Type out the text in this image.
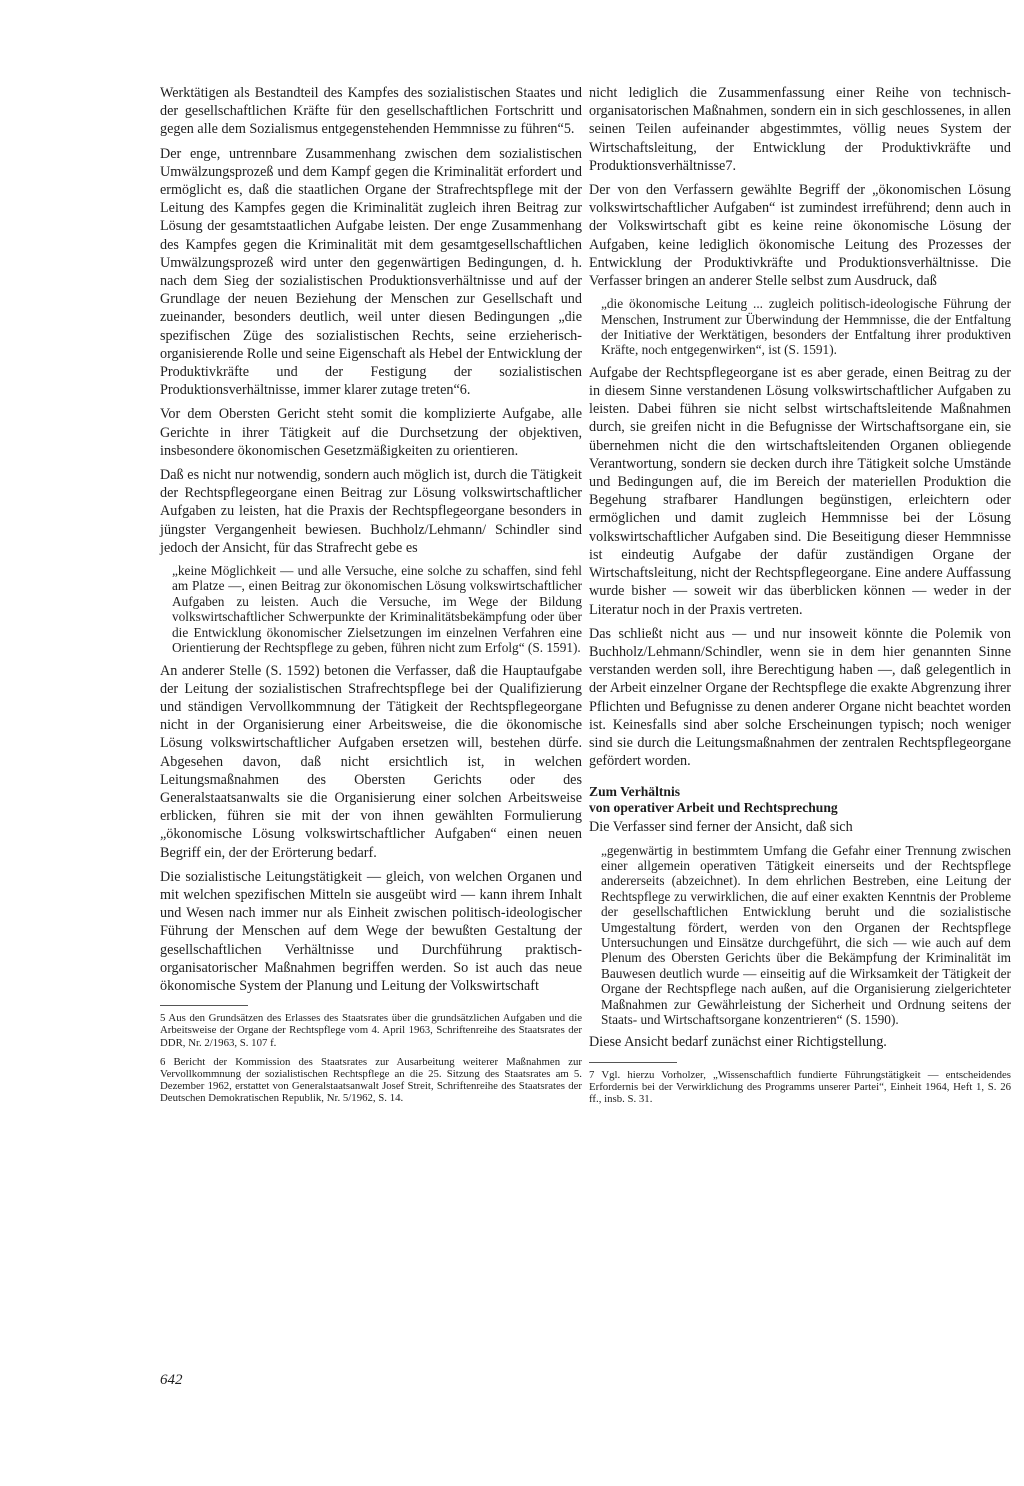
Werktätigen als Bestandteil des Kampfes des sozialistischen Staates und der gesellschaftlichen Kräfte für den gesellschaftlichen Fortschritt und gegen alle dem Sozialismus entgegenstehenden Hemmnisse zu führen“5.

Der enge, untrennbare Zusammenhang zwischen dem sozialistischen Umwälzungsprozeß und dem Kampf gegen die Kriminalität erfordert und ermöglicht es, daß die staatlichen Organe der Strafrechtspflege mit der Leitung des Kampfes gegen die Kriminalität zugleich ihren Beitrag zur Lösung der gesamtstaatlichen Aufgabe leisten. Der enge Zusammenhang des Kampfes gegen die Kriminalität mit dem gesamtgesellschaftlichen Umwälzungsprozeß wird unter den gegenwärtigen Bedingungen, d. h. nach dem Sieg der sozialistischen Produktionsverhältnisse und auf der Grundlage der neuen Beziehung der Menschen zur Gesellschaft und zueinander, besonders deutlich, weil unter diesen Bedingungen „die spezifischen Züge des sozialistischen Rechts, seine erzieherisch-organisierende Rolle und seine Eigenschaft als Hebel der Entwicklung der Produktivkräfte und der Festigung der sozialistischen Produktionsverhältnisse, immer klarer zutage treten“6.

Vor dem Obersten Gericht steht somit die komplizierte Aufgabe, alle Gerichte in ihrer Tätigkeit auf die Durchsetzung der objektiven, insbesondere ökonomischen Gesetzmäßigkeiten zu orientieren.

Daß es nicht nur notwendig, sondern auch möglich ist, durch die Tätigkeit der Rechtspflegeorgane einen Beitrag zur Lösung volkswirtschaftlicher Aufgaben zu leisten, hat die Praxis der Rechtspflegeorgane besonders in jüngster Vergangenheit bewiesen. Buchholz/Lehmann/ Schindler sind jedoch der Ansicht, für das Strafrecht gebe es

„keine Möglichkeit — und alle Versuche, eine solche zu schaffen, sind fehl am Platze —, einen Beitrag zur ökonomischen Lösung volkswirtschaftlicher Aufgaben zu leisten. Auch die Versuche, im Wege der Bildung volkswirtschaftlicher Schwerpunkte der Kriminalitätsbekämpfung oder über die Entwicklung ökonomischer Zielsetzungen im einzelnen Verfahren eine Orientierung der Rechtspflege zu geben, führen nicht zum Erfolg“ (S. 1591).

An anderer Stelle (S. 1592) betonen die Verfasser, daß die Hauptaufgabe der Leitung der sozialistischen Strafrechtspflege bei der Qualifizierung und ständigen Vervollkommnung der Tätigkeit der Rechtspflegeorgane nicht in der Organisierung einer Arbeitsweise, die die ökonomische Lösung volkswirtschaftlicher Aufgaben ersetzen will, bestehen dürfe. Abgesehen davon, daß nicht ersichtlich ist, in welchen Leitungsmaßnahmen des Obersten Gerichts oder des Generalstaatsanwalts sie die Organisierung einer solchen Arbeitsweise erblicken, führen sie mit der von ihnen gewählten Formulierung „ökonomische Lösung volkswirtschaftlicher Aufgaben“ einen neuen Begriff ein, der der Erörterung bedarf.

Die sozialistische Leitungstätigkeit — gleich, von welchen Organen und mit welchen spezifischen Mitteln sie ausgeübt wird — kann ihrem Inhalt und Wesen nach immer nur als Einheit zwischen politisch-ideologischer Führung der Menschen auf dem Wege der bewußten Gestaltung der gesellschaftlichen Verhältnisse und Durchführung praktisch-organisatorischer Maßnahmen begriffen werden. So ist auch das neue ökonomische System der Planung und Leitung der Volkswirtschaft

5 Aus den Grundsätzen des Erlasses des Staatsrates über die grundsätzlichen Aufgaben und die Arbeitsweise der Organe der Rechtspflege vom 4. April 1963, Schriftenreihe des Staatsrates der DDR, Nr. 2/1963, S. 107 f.

6 Bericht der Kommission des Staatsrates zur Ausarbeitung weiterer Maßnahmen zur Vervollkommnung der sozialistischen Rechtspflege an die 25. Sitzung des Staatsrates am 5. Dezember 1962, erstattet von Generalstaatsanwalt Josef Streit, Schriftenreihe des Staatsrates der Deutschen Demokratischen Republik, Nr. 5/1962, S. 14.

nicht lediglich die Zusammenfassung einer Reihe von technisch-organisatorischen Maßnahmen, sondern ein in sich geschlossenes, in allen seinen Teilen aufeinander abgestimmtes, völlig neues System der Wirtschaftsleitung, der Entwicklung der Produktivkräfte und Produktionsverhältnisse7.

Der von den Verfassern gewählte Begriff der „ökonomischen Lösung volkswirtschaftlicher Aufgaben“ ist zumindest irreführend; denn auch in der Volkswirtschaft gibt es keine reine ökonomische Lösung der Aufgaben, keine lediglich ökonomische Leitung des Prozesses der Entwicklung der Produktivkräfte und Produktionsverhältnisse. Die Verfasser bringen an anderer Stelle selbst zum Ausdruck, daß

„die ökonomische Leitung ... zugleich politisch-ideologische Führung der Menschen, Instrument zur Überwindung der Hemmnisse, die der Entfaltung der Initiative der Werktätigen, besonders der Entfaltung ihrer produktiven Kräfte, noch entgegenwirken“, ist (S. 1591).

Aufgabe der Rechtspflegeorgane ist es aber gerade, einen Beitrag zu der in diesem Sinne verstandenen Lösung volkswirtschaftlicher Aufgaben zu leisten. Dabei führen sie nicht selbst wirtschaftsleitende Maßnahmen durch, sie greifen nicht in die Befugnisse der Wirtschaftsorgane ein, sie übernehmen nicht die den wirtschaftsleitenden Organen obliegende Verantwortung, sondern sie decken durch ihre Tätigkeit solche Umstände und Bedingungen auf, die im Bereich der materiellen Produktion die Begehung strafbarer Handlungen begünstigen, erleichtern oder ermöglichen und damit zugleich Hemmnisse bei der Lösung volkswirtschaftlicher Aufgaben sind. Die Beseitigung dieser Hemmnisse ist eindeutig Aufgabe der dafür zuständigen Organe der Wirtschaftsleitung, nicht der Rechtspflegeorgane. Eine andere Auffassung wurde bisher — soweit wir das überblicken können — weder in der Literatur noch in der Praxis vertreten.

Das schließt nicht aus — und nur insoweit könnte die Polemik von Buchholz/Lehmann/Schindler, wenn sie in dem hier genannten Sinne verstanden werden soll, ihre Berechtigung haben —, daß gelegentlich in der Arbeit einzelner Organe der Rechtspflege die exakte Abgrenzung ihrer Pflichten und Befugnisse zu denen anderer Organe nicht beachtet worden ist. Keinesfalls sind aber solche Erscheinungen typisch; noch weniger sind sie durch die Leitungsmaßnahmen der zentralen Rechtspflegeorgane gefördert worden.

Zum Verhältnis
von operativer Arbeit und Rechtsprechung

Die Verfasser sind ferner der Ansicht, daß sich

„gegenwärtig in bestimmtem Umfang die Gefahr einer Trennung zwischen einer allgemein operativen Tätigkeit einerseits und der Rechtspflege andererseits (abzeichnet). In dem ehrlichen Bestreben, eine Leitung der Rechtspflege zu verwirklichen, die auf einer exakten Kenntnis der Probleme der gesellschaftlichen Entwicklung beruht und die sozialistische Umgestaltung fördert, werden von den Organen der Rechtspflege Untersuchungen und Einsätze durchgeführt, die sich — wie auch auf dem Plenum des Obersten Gerichts über die Bekämpfung der Kriminalität im Bauwesen deutlich wurde — einseitig auf die Wirksamkeit der Tätigkeit der Organe der Rechtspflege nach außen, auf die Organisierung zielgerichteter Maßnahmen zur Gewährleistung der Sicherheit und Ordnung seitens der Staats- und Wirtschaftsorgane konzentrieren“ (S. 1590).

Diese Ansicht bedarf zunächst einer Richtigstellung.

7 Vgl. hierzu Vorholzer, „Wissenschaftlich fundierte Führungstätigkeit — entscheidendes Erfordernis bei der Verwirklichung des Programms unserer Partei“, Einheit 1964, Heft 1, S. 26 ff., insb. S. 31.

642
